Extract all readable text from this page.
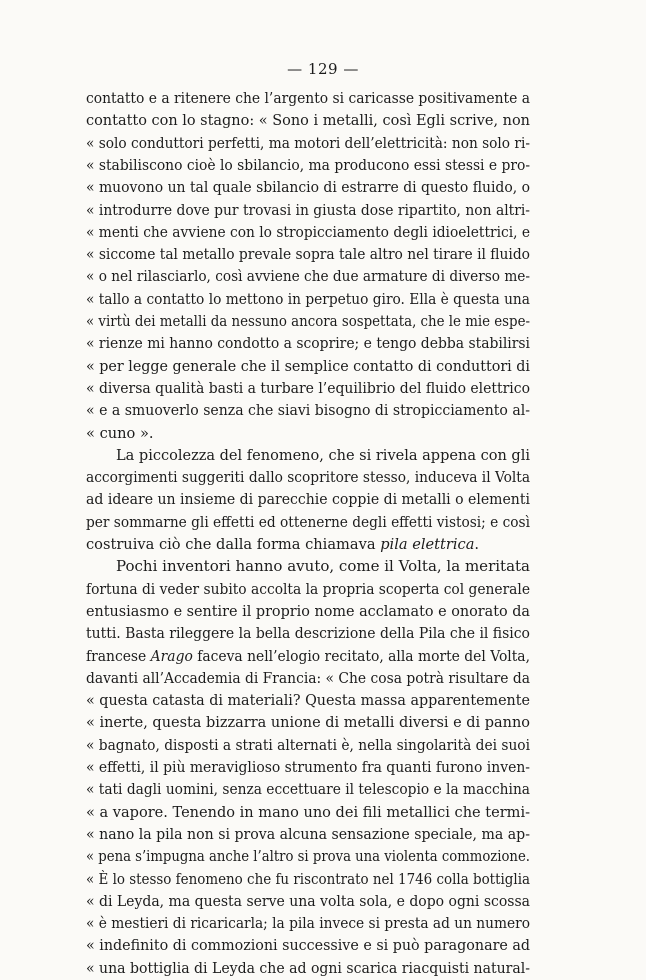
— 129 —
contatto e a ritenere che l’argento si caricasse positivamente a
contatto con lo stagno: « Sono i metalli, così Egli scrive, non
« solo conduttori perfetti, ma motori dell’elettricità: non solo ri-
« stabiliscono cioè lo sbilancio, ma producono essi stessi e pro-
« muovono un tal quale sbilancio di estrarre di questo fluido, o
« introdurre dove pur trovasi in giusta dose ripartito, non altri-
« menti che avviene con lo stropicciamento degli idioelettrici, e
« siccome tal metallo prevale sopra tale altro nel tirare il fluido
« o nel rilasciarlo, così avviene che due armature di diverso me-
« tallo a contatto lo mettono in perpetuo giro. Ella è questa una
« virtù dei metalli da nessuno ancora sospettata, che le mie espe-
« rienze mi hanno condotto a scoprire; e tengo debba stabilirsi
« per legge generale che il semplice contatto di conduttori di
« diversa qualità basti a turbare l’equilibrio del fluido elettrico
« e a smuoverlo senza che siavi bisogno di stropicciamento al-
« cuno ».
La piccolezza del fenomeno, che si rivela appena con gli
accorgimenti suggeriti dallo scopritore stesso, induceva il Volta
ad ideare un insieme di parecchie coppie di metalli o elementi
per sommarne gli effetti ed ottenerne degli effetti vistosi; e così
costruiva ciò che dalla forma chiamava pila elettrica.
Pochi inventori hanno avuto, come il Volta, la meritata
fortuna di veder subito accolta la propria scoperta col generale
entusiasmo e sentire il proprio nome acclamato e onorato da
tutti. Basta rileggere la bella descrizione della Pila che il fisico
francese Arago faceva nell’elogio recitato, alla morte del Volta,
davanti all’Accademia di Francia: « Che cosa potrà risultare da
« questa catasta di materiali? Questa massa apparentemente
« inerte, questa bizzarra unione di metalli diversi e di panno
« bagnato, disposti a strati alternati è, nella singolarità dei suoi
« effetti, il più meraviglioso strumento fra quanti furono inven-
« tati dagli uomini, senza eccettuare il telescopio e la macchina
« a vapore. Tenendo in mano uno dei fili metallici che termi-
« nano la pila non si prova alcuna sensazione speciale, ma ap-
« pena s’impugna anche l’altro si prova una violenta commozione.
« È lo stesso fenomeno che fu riscontrato nel 1746 colla bottiglia
« di Leyda, ma questa serve una volta sola, e dopo ogni scossa
« è mestieri di ricaricarla; la pila invece si presta ad un numero
« indefinito di commozioni successive e si può paragonare ad
« una bottiglia di Leyda che ad ogni scarica riacquisti natural-
